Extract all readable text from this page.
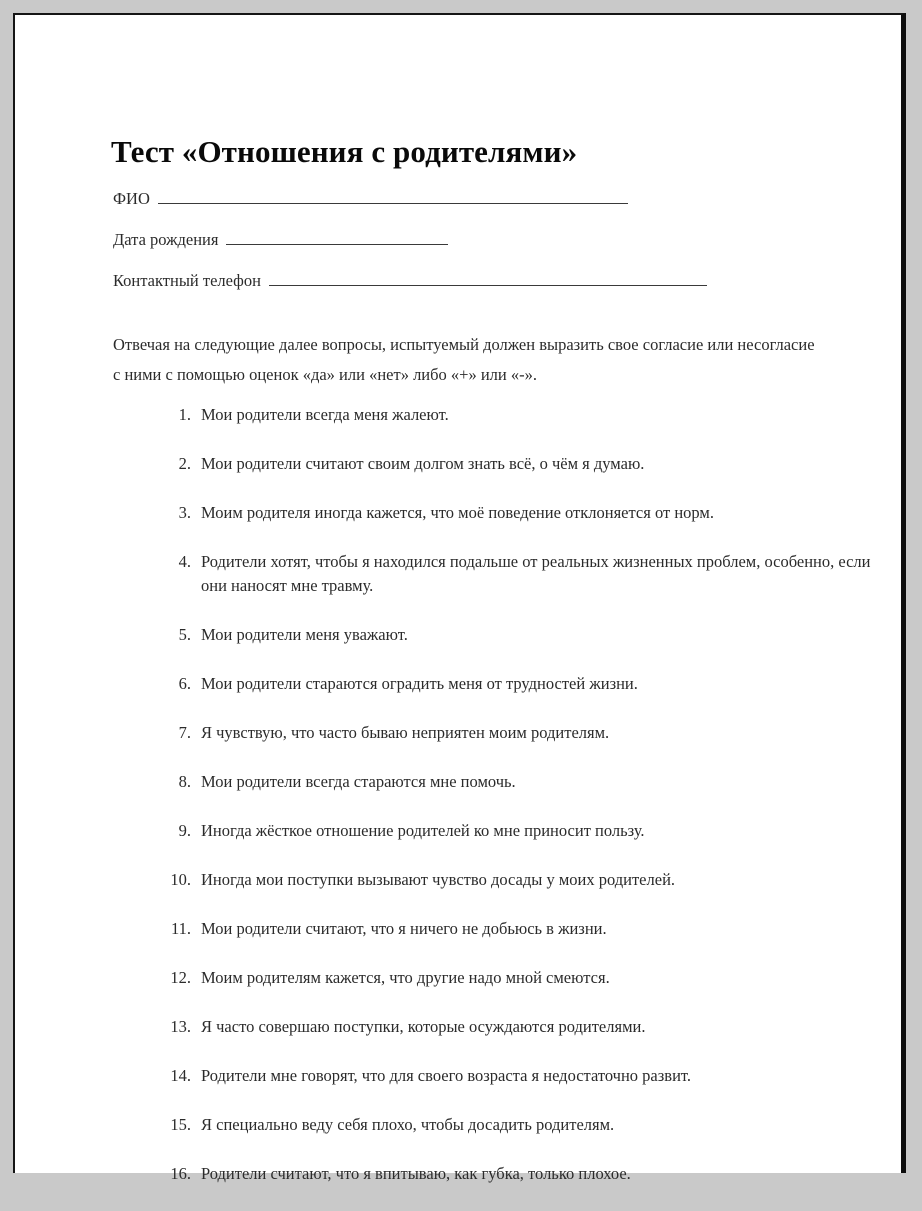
Тест «Отношения с родителями»
ФИО
Дата рождения
Контактный телефон

Отвечая на следующие далее вопросы, испытуемый должен выразить свое согласие или несогласие с ними с помощью оценок «да» или «нет» либо «+» или «-».

1. Мои родители всегда меня жалеют.
2. Мои родители считают своим долгом знать всё, о чём я думаю.
3. Моим родителя иногда кажется, что моё поведение отклоняется от норм.
4. Родители хотят, чтобы я находился подальше от реальных жизненных проблем, особенно, если они наносят мне травму.
5. Мои родители меня уважают.
6. Мои родители стараются оградить меня от трудностей жизни.
7. Я чувствую, что часто бываю неприятен моим родителям.
8. Мои родители всегда стараются мне помочь.
9. Иногда жёсткое отношение родителей ко мне приносит пользу.
10. Иногда мои поступки вызывают чувство досады у моих родителей.
11. Мои родители считают, что я ничего не добьюсь в жизни.
12. Моим родителям кажется, что другие надо мной смеются.
13. Я часто совершаю поступки, которые осуждаются родителями.
14. Родители мне говорят, что для своего возраста я недостаточно развит.
15. Я специально веду себя плохо, чтобы досадить родителям.
16. Родители считают, что я впитываю, как губка, только плохое.
